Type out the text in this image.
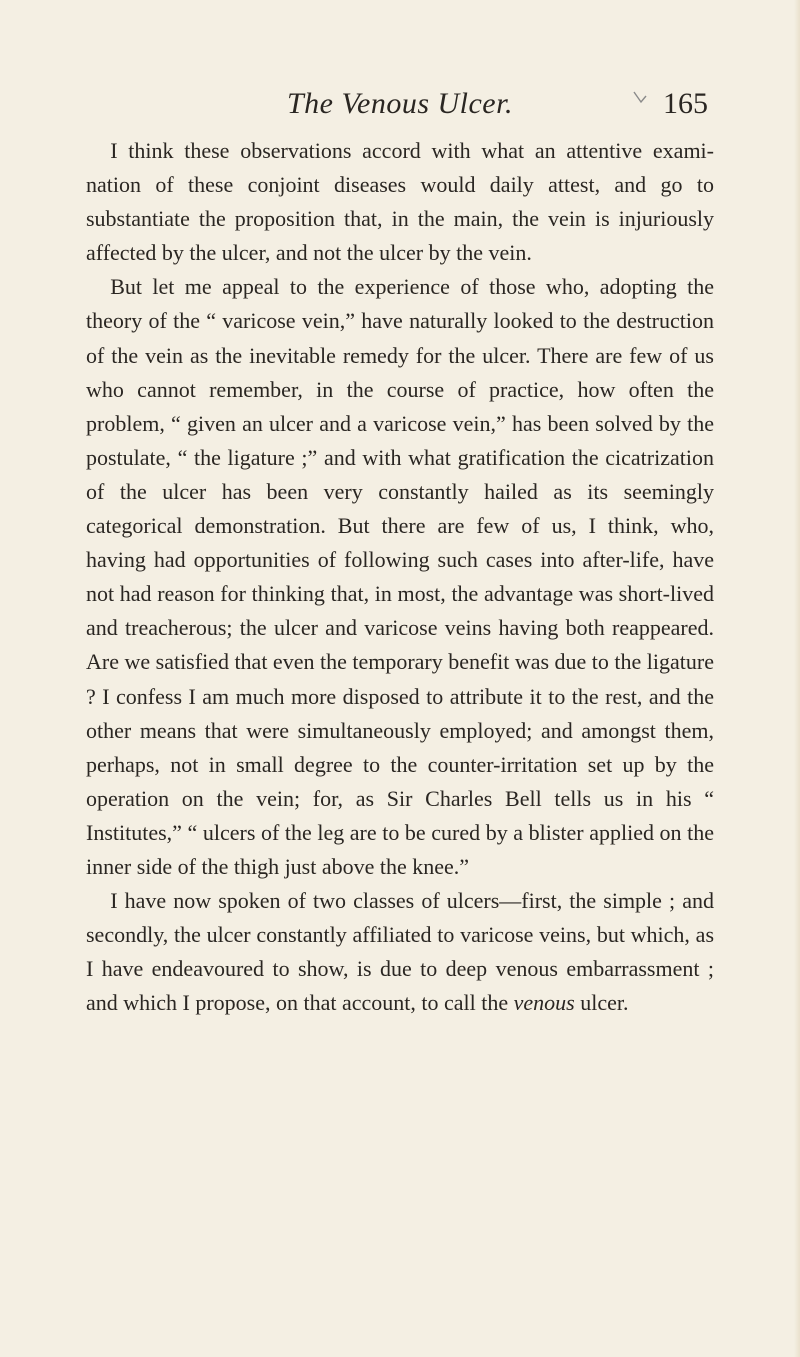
The Venous Ulcer.	165

I think these observations accord with what an attentive examination of these conjoint diseases would daily attest, and go to substantiate the proposition that, in the main, the vein is injuriously affected by the ulcer, and not the ulcer by the vein.

But let me appeal to the experience of those who, adopting the theory of the “ varicose vein,” have naturally looked to the destruction of the vein as the inevitable remedy for the ulcer. There are few of us who cannot remember, in the course of practice, how often the problem, “ given an ulcer and a varicose vein,” has been solved by the postulate, “ the ligature ;” and with what gratification the cicatrization of the ulcer has been very constantly hailed as its seemingly categorical demonstration. But there are few of us, I think, who, having had opportunities of following such cases into after-life, have not had reason for thinking that, in most, the advantage was short-lived and treacherous; the ulcer and varicose veins having both reappeared. Are we satisfied that even the temporary benefit was due to the ligature ? I confess I am much more disposed to attribute it to the rest, and the other means that were simultaneously employed; and amongst them, perhaps, not in small degree to the counter-irritation set up by the operation on the vein; for, as Sir Charles Bell tells us in his “ Institutes,” “ ulcers of the leg are to be cured by a blister applied on the inner side of the thigh just above the knee.”

I have now spoken of two classes of ulcers—first, the simple ; and secondly, the ulcer constantly affiliated to varicose veins, but which, as I have endeavoured to show, is due to deep venous embarrassment ; and which I propose, on that account, to call the venous ulcer.
